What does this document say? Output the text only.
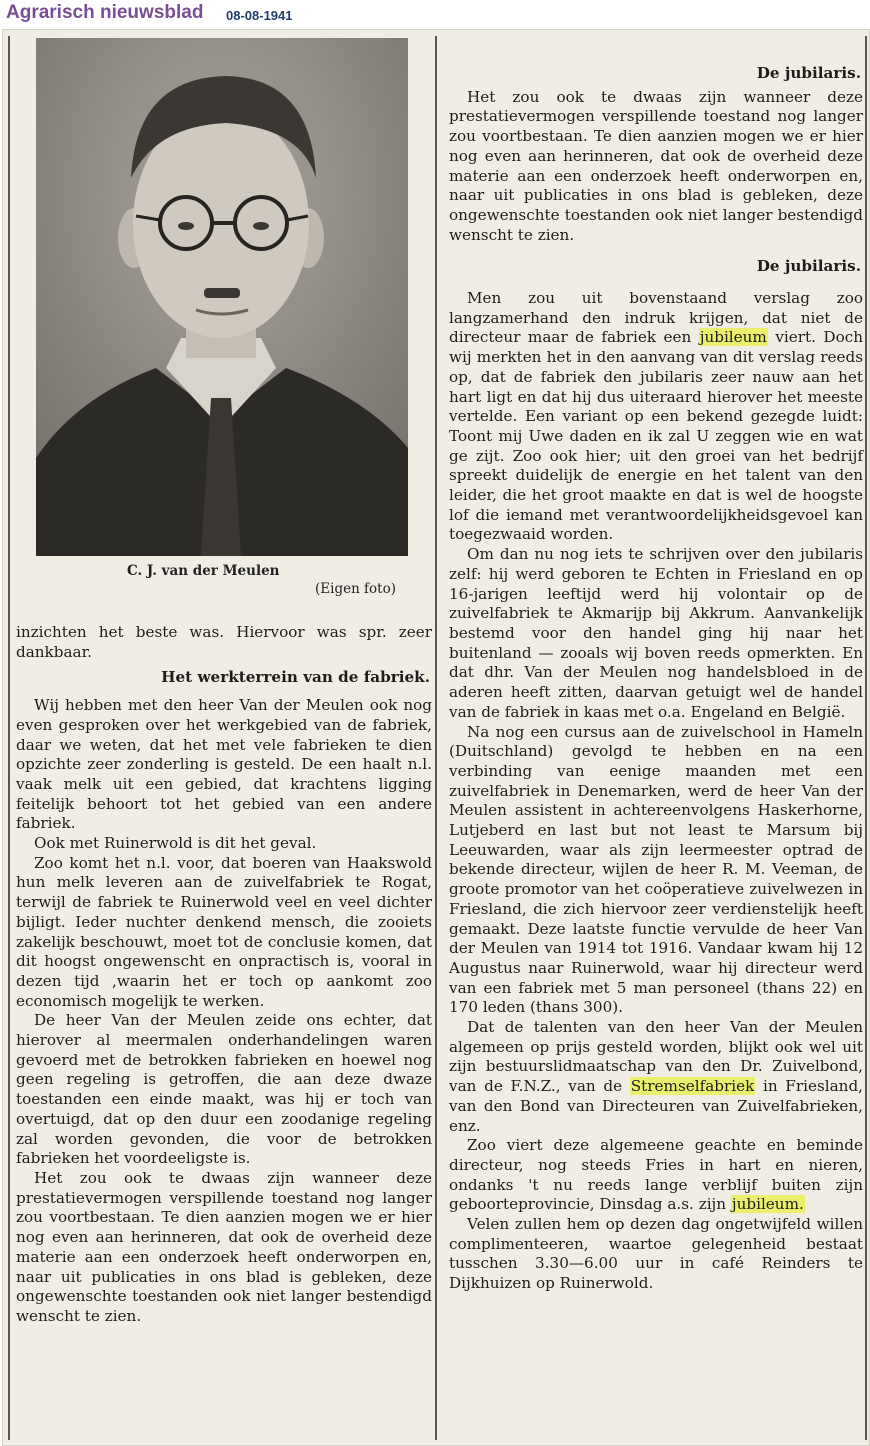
Agrarisch nieuwsblad 08-08-1941
C. J. van der Meulen
(Eigen foto)

inzichten het beste was. Hiervoor was spr. zeer dankbaar.

Het werkterrein van de fabriek.

Wij hebben met den heer Van der Meulen ook nog even gesproken over het werkgebied van de fabriek, daar we weten, dat het met vele fabrieken te dien opzichte zeer zonderling is gesteld. De een haalt n.l. vaak melk uit een gebied, dat krachtens ligging feitelijk behoort tot het gebied van een andere fabriek.

Ook met Ruinerwold is dit het geval.

Zoo komt het n.l. voor, dat boeren van Haakswold hun melk leveren aan de zuivelfabriek te Rogat, terwijl de fabriek te Ruinerwold veel en veel dichter bijligt. Ieder nuchter denkend mensch, die zooiets zakelijk beschouwt, moet tot de conclusie komen, dat dit hoogst ongewenscht en onpractisch is, vooral in dezen tijd ,waarin het er toch op aankomt zoo economisch mogelijk te werken.

De heer Van der Meulen zeide ons echter, dat hierover al meermalen onderhandelingen waren gevoerd met de betrokken fabrieken en hoewel nog geen regeling is getroffen, die aan deze dwaze toestanden een einde maakt, was hij er toch van overtuigd, dat op den duur een zoodanige regeling zal worden gevonden, die voor de betrokken fabrieken het voordeeligste is.

Het zou ook te dwaas zijn wanneer deze prestatievermogen verspillende toestand nog langer zou voortbestaan. Te dien aanzien mogen we er hier nog even aan herinneren, dat ook de overheid deze materie aan een onderzoek heeft onderworpen en, naar uit publicaties in ons blad is gebleken, deze ongewenschte toestanden ook niet langer bestendigd wenscht te zien.

De jubilaris.

Het zou ook te dwaas zijn wanneer deze prestatievermogen verspillende toestand nog langer zou voortbestaan. Te dien aanzien mogen we er hier nog even aan herinneren, dat ook de overheid deze materie aan een onderzoek heeft onderworpen en, naar uit publicaties in ons blad is gebleken, deze ongewenschte toestanden ook niet langer bestendigd wenscht te zien.

De jubilaris.

Men zou uit bovenstaand verslag zoo langzamerhand den indruk krijgen, dat niet de directeur maar de fabriek een jubileum viert. Doch wij merkten het in den aanvang van dit verslag reeds op, dat de fabriek den jubilaris zeer nauw aan het hart ligt en dat hij dus uiteraard hierover het meeste vertelde. Een variant op een bekend gezegde luidt: Toont mij Uwe daden en ik zal U zeggen wie en wat ge zijt. Zoo ook hier; uit den groei van het bedrijf spreekt duidelijk de energie en het talent van den leider, die het groot maakte en dat is wel de hoogste lof die iemand met verantwoordelijkheidsgevoel kan toegezwaaid worden.

Om dan nu nog iets te schrijven over den jubilaris zelf: hij werd geboren te Echten in Friesland en op 16-jarigen leeftijd werd hij volontair op de zuivelfabriek te Akmarijp bij Akkrum. Aanvankelijk bestemd voor den handel ging hij naar het buitenland — zooals wij boven reeds opmerkten. En dat dhr. Van der Meulen nog handelsbloed in de aderen heeft zitten, daarvan getuigt wel de handel van de fabriek in kaas met o.a. Engeland en België.

Na nog een cursus aan de zuivelschool in Hameln (Duitschland) gevolgd te hebben en na een verbinding van eenige maanden met een zuivelfabriek in Denemarken, werd de heer Van der Meulen assistent in achtereenvolgens Haskerhorne, Lutjeberd en last but not least te Marsum bij Leeuwarden, waar als zijn leermeester optrad de bekende directeur, wijlen de heer R. M. Veeman, de groote promotor van het coöperatieve zuivelwezen in Friesland, die zich hiervoor zeer verdienstelijk heeft gemaakt. Deze laatste functie vervulde de heer Van der Meulen van 1914 tot 1916. Vandaar kwam hij 12 Augustus naar Ruinerwold, waar hij directeur werd van een fabriek met 5 man personeel (thans 22) en 170 leden (thans 300).

Dat de talenten van den heer Van der Meulen algemeen op prijs gesteld worden, blijkt ook wel uit zijn bestuurslidmaatschap van den Dr. Zuivelbond, van de F.N.Z., van de Stremselfabriek in Friesland, van den Bond van Directeuren van Zuivelfabrieken, enz.

Zoo viert deze algemeene geachte en beminde directeur, nog steeds Fries in hart en nieren, ondanks 't nu reeds lange verblijf buiten zijn geboorteprovincie, Dinsdag a.s. zijn jubileum.

Velen zullen hem op dezen dag ongetwijfeld willen complimenteeren, waartoe gelegenheid bestaat tusschen 3.30—6.00 uur in café Reinders te Dijkhuizen op Ruinerwold.
